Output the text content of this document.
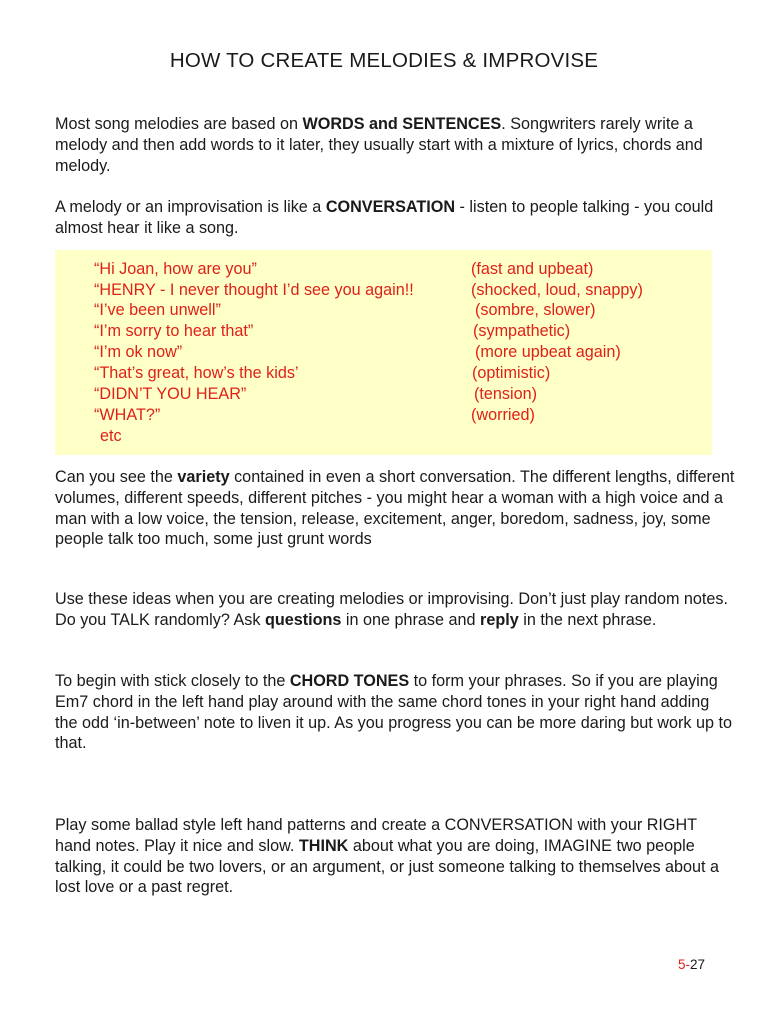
HOW TO CREATE MELODIES & IMPROVISE

Most song melodies are based on WORDS and SENTENCES. Songwriters rarely write a melody and then add words to it later, they usually start with a mixture of lyrics, chords and melody.

A melody or an improvisation is like a CONVERSATION - listen to people talking - you could almost hear it like a song.

“Hi Joan, how are you”	(fast and upbeat)
“HENRY - I never thought I’d see you again!!	(shocked, loud, snappy)
“I’ve been unwell”	(sombre, slower)
“I’m sorry to hear that”	(sympathetic)
“I’m ok now”	(more upbeat again)
“That’s great, how’s the kids’	(optimistic)
“DIDN’T YOU HEAR”	(tension)
“WHAT?”	(worried)
etc

Can you see the variety contained in even a short conversation. The different lengths, different volumes, different speeds, different pitches - you might hear a woman with a high voice and a man with a low voice, the tension, release, excitement, anger, boredom, sadness, joy, some people talk too much, some just grunt words

Use these ideas when you are creating melodies or improvising. Don’t just play random notes. Do you TALK randomly? Ask questions in one phrase and reply in the next phrase.

To begin with stick closely to the CHORD TONES to form your phrases. So if you are playing Em7 chord in the left hand play around with the same chord tones in your right hand adding the odd ‘in-between’ note to liven it up. As you progress you can be more daring but work up to that.

Play some ballad style left hand patterns and create a CONVERSATION with your RIGHT hand notes. Play it nice and slow. THINK about what you are doing, IMAGINE two people talking, it could be two lovers, or an argument, or just someone talking to themselves about a lost love or a past regret.

5-27
